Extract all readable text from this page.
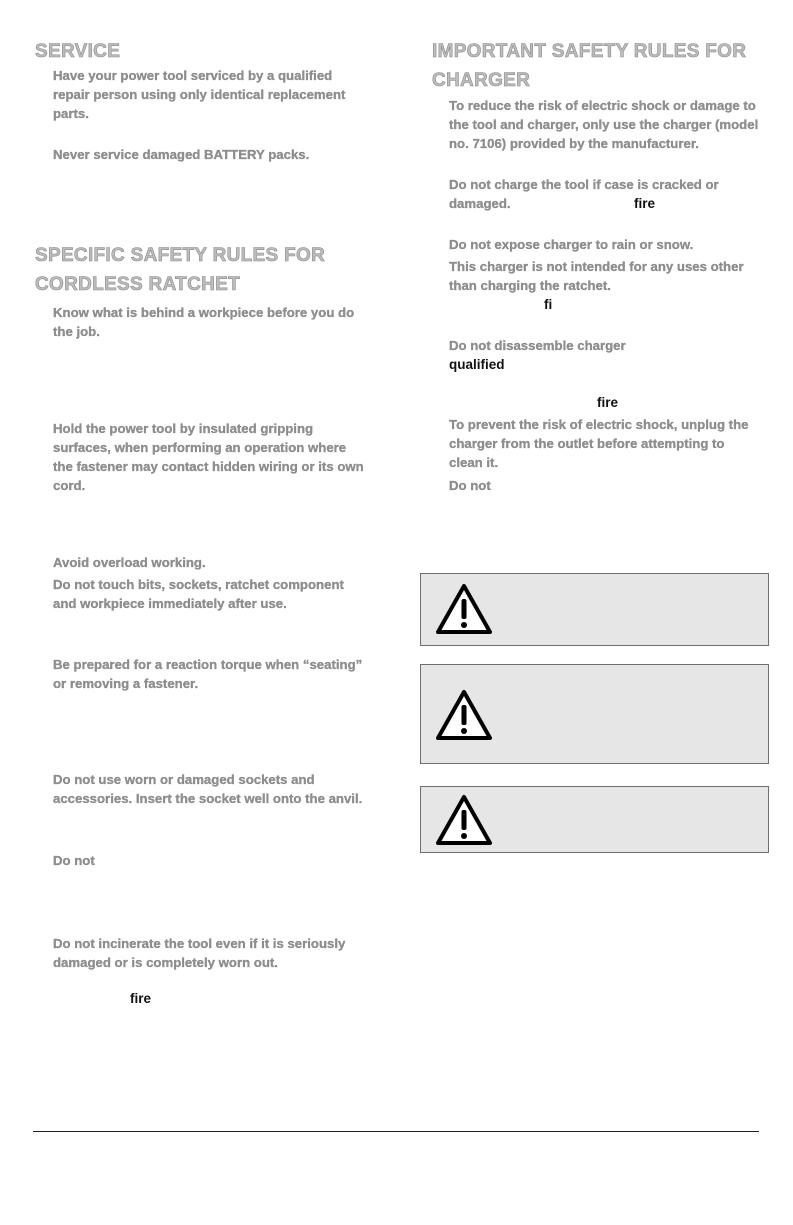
SERVICE

Have your power tool serviced by a qualified repair person using only identical replacement parts.

Never service damaged BATTERY packs.

SPECIFIC SAFETY RULES FOR
CORDLESS RATCHET

Know what is behind a workpiece before you do the job.

Hold the power tool by insulated gripping surfaces, when performing an operation where the fastener may contact hidden wiring or its own cord.

Avoid overload working.

Do not touch bits, sockets, ratchet component and workpiece immediately after use.

Be prepared for a reaction torque when “seating” or removing a fastener.

Do not use worn or damaged sockets and accessories. Insert the socket well onto the anvil.

Do not

Do not incinerate the tool even if it is seriously damaged or is completely worn out.

fire

IMPORTANT SAFETY RULES FOR
CHARGER

To reduce the risk of electric shock or damage to the tool and charger, only use the charger (model no. 7106) provided by the manufacturer.

Do not charge the tool if case is cracked or

damaged.	fire

Do not expose charger to rain or snow.

This charger is not intended for any uses other than charging the ratchet.

fi

Do not disassemble charger

qualified

fire

To prevent the risk of electric shock, unplug the charger from the outlet before attempting to clean it.

Do not
